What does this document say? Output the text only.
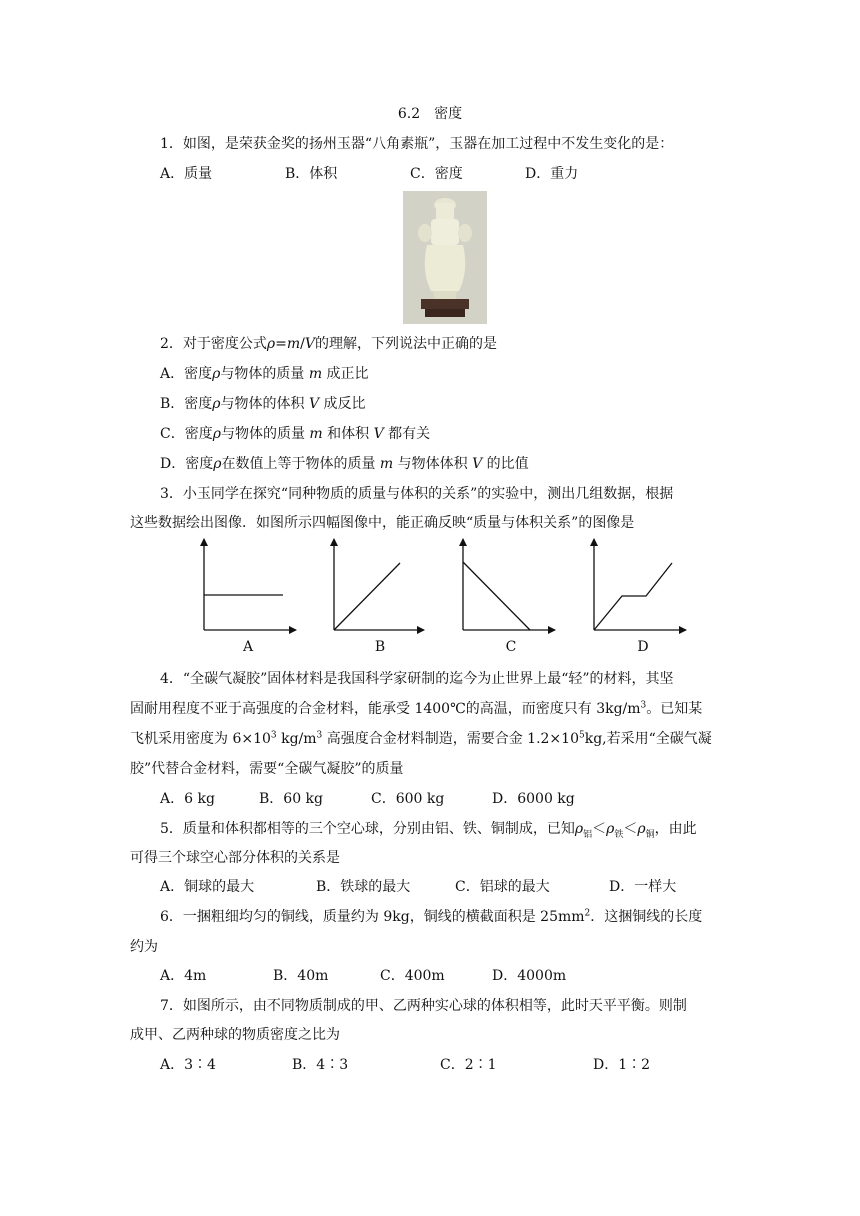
6.2　密度
1．如图，是荣获金奖的扬州玉器“八角素瓶”，玉器在加工过程中不发生变化的是：
A．质量	B．体积	C．密度	D．重力
2．对于密度公式ρ=m/V的理解，下列说法中正确的是
A．密度ρ与物体的质量 m 成正比
B．密度ρ与物体的体积 V 成反比
C．密度ρ与物体的质量 m 和体积 V 都有关
D．密度ρ在数值上等于物体的质量 m 与物体体积 V 的比值
3．小玉同学在探究“同种物质的质量与体积的关系”的实验中，测出几组数据，根据
这些数据绘出图像．如图所示四幅图像中，能正确反映“质量与体积关系”的图像是
A	B	C	D
4．“全碳气凝胶”固体材料是我国科学家研制的迄今为止世界上最“轻”的材料，其坚
固耐用程度不亚于高强度的合金材料，能承受 1400℃的高温，而密度只有 $3kg/m^3$。已知某
飞机采用密度为 $6\times 10^3$ $kg/m^3$ 高强度合金材料制造，需要合金 $1.2\times 10^5kg$,若采用“全碳气凝
胶”代替合金材料，需要“全碳气凝胶”的质量
A．6 kg	B．60 kg	C．600 kg	D．6000 kg
5．质量和体积都相等的三个空心球，分别由铝、铁、铜制成，已知$\rho_铝<\rho_铁<\rho_铜$，由此
可得三个球空心部分体积的关系是
A．铜球的最大	B．铁球的最大	C．铝球的最大	D．一样大
6．一捆粗细均匀的铜线，质量约为 9kg，铜线的横截面积是 $25mm^2$．这捆铜线的长度
约为
A．4m	B．40m	C．400m	D．4000m
7．如图所示，由不同物质制成的甲、乙两种实心球的体积相等，此时天平平衡。则制
成甲、乙两种球的物质密度之比为
A．3∶4	B．4∶3	C．2∶1	D．1∶2
